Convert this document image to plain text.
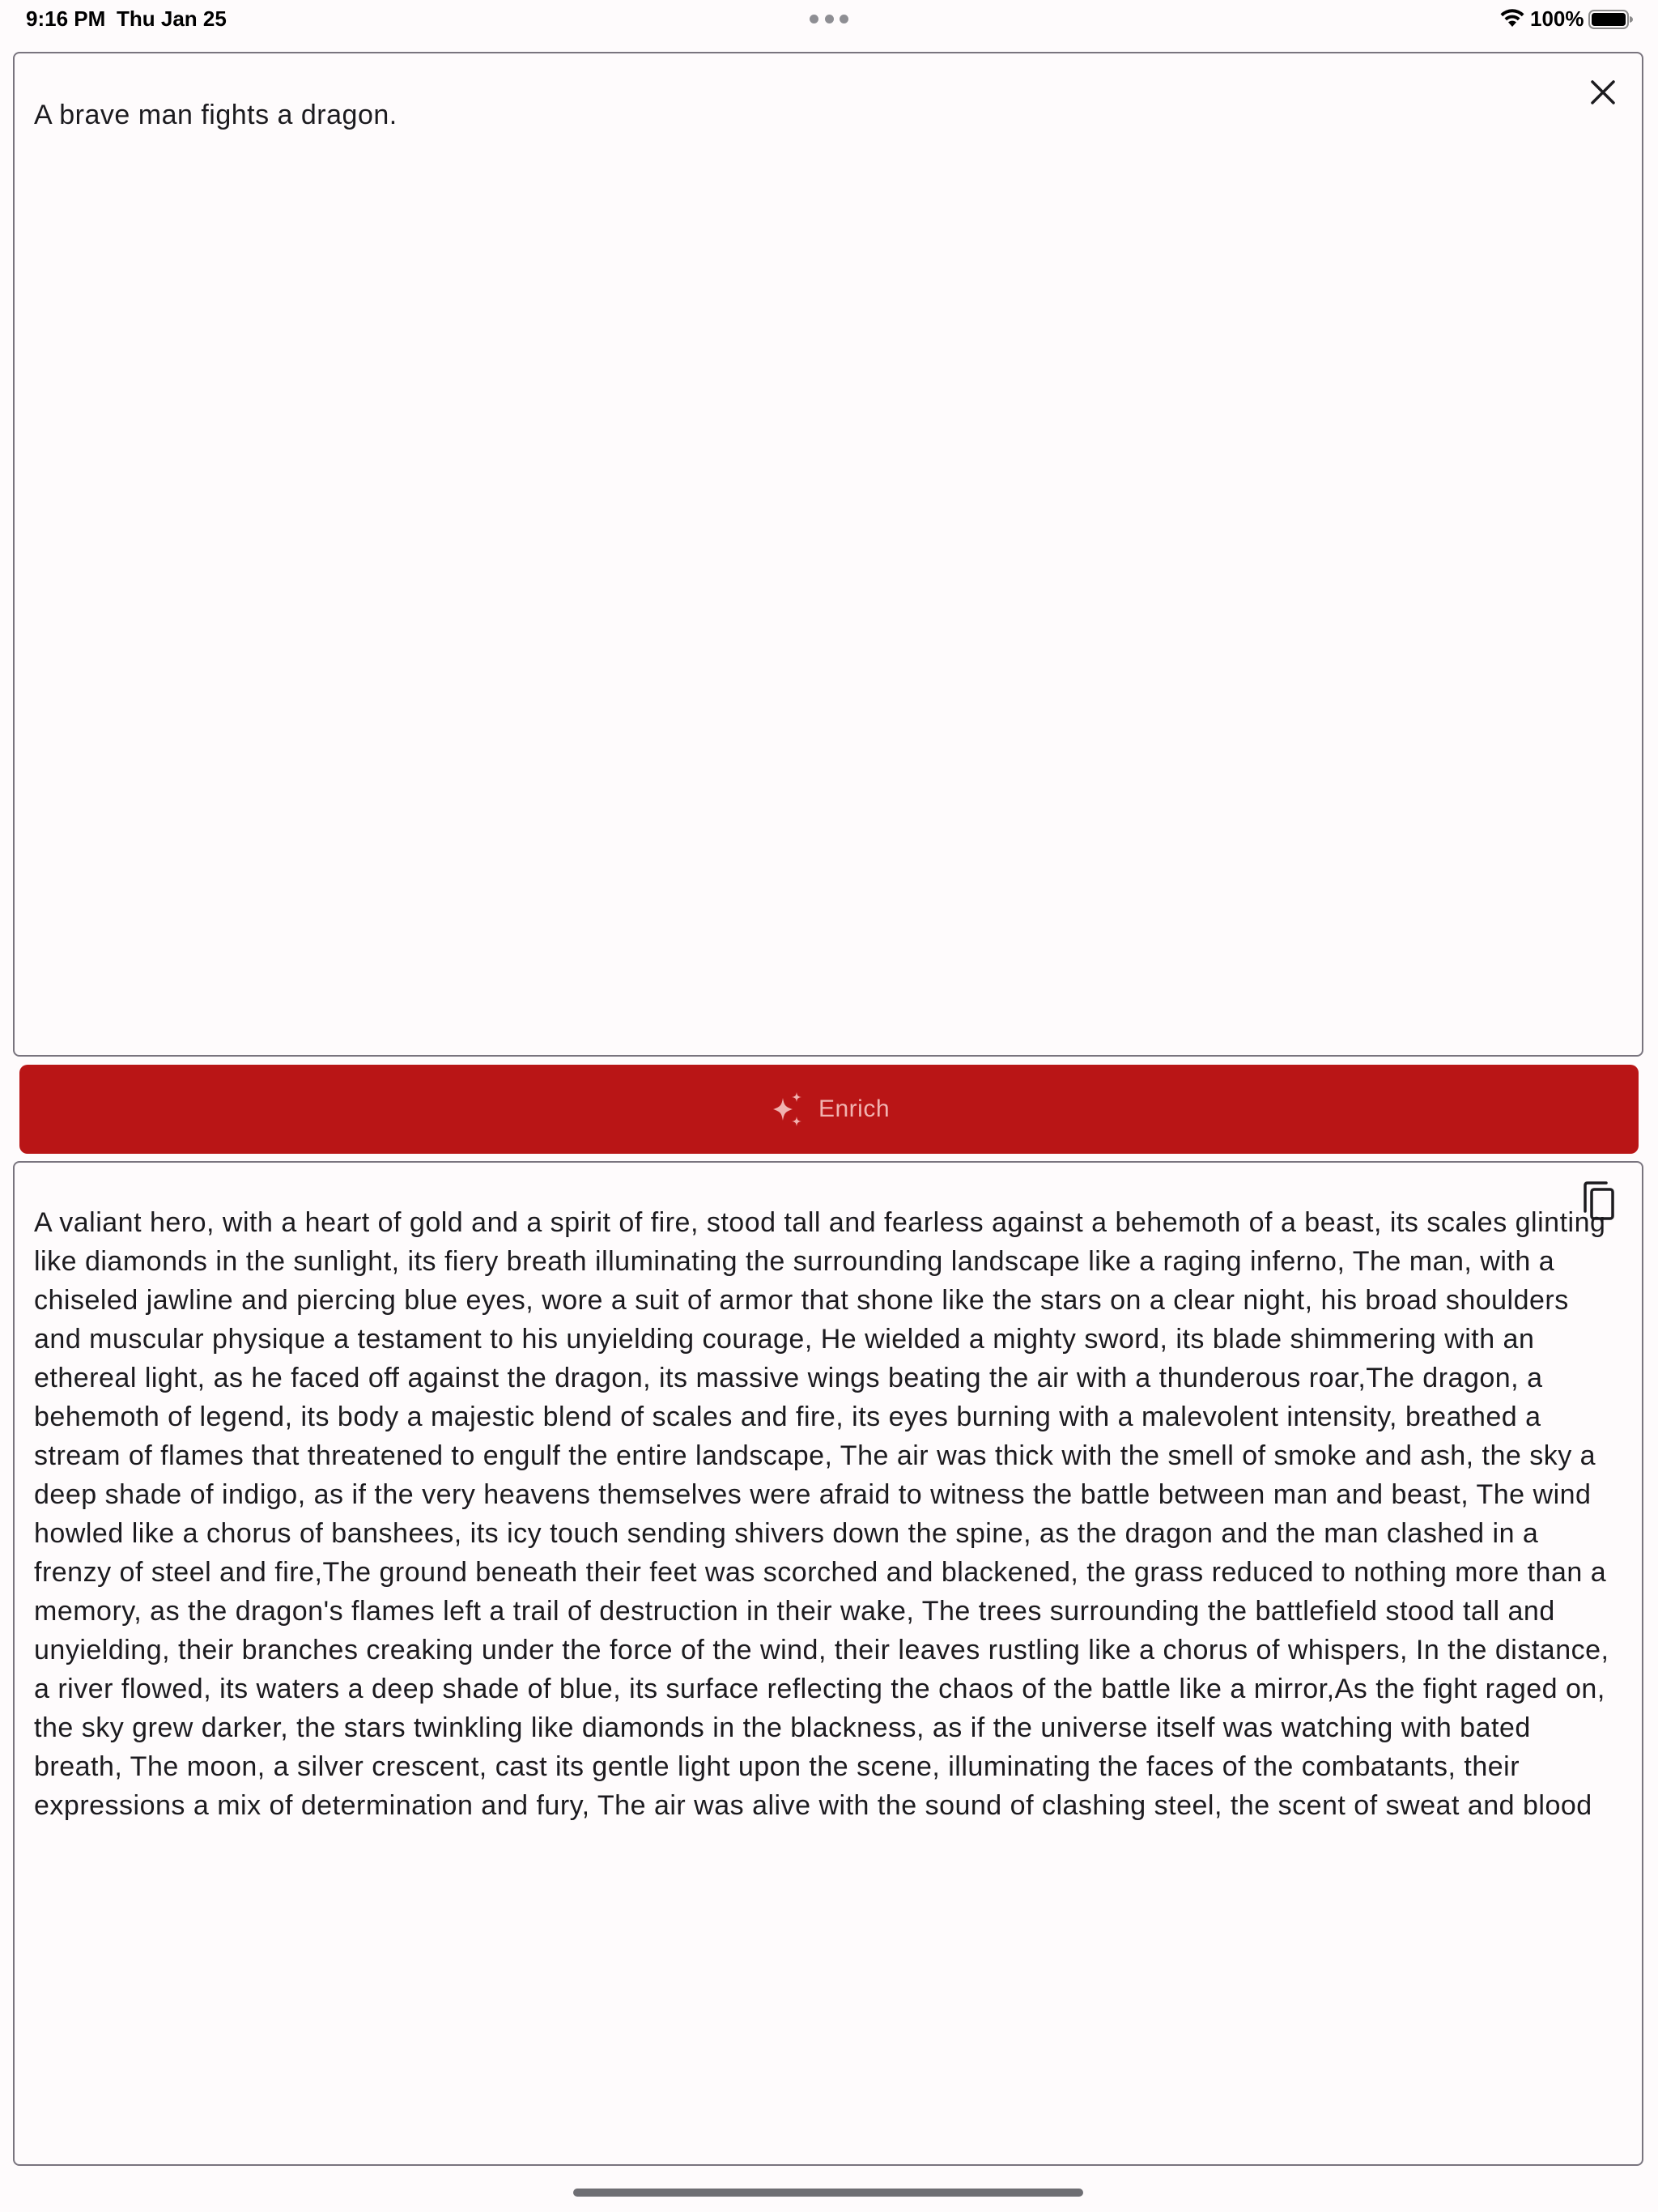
9:16 PM Thu Jan 25	100%
A brave man fights a dragon.
Enrich
A valiant hero, with a heart of gold and a spirit of fire, stood tall and fearless against a behemoth of a beast, its scales glinting like diamonds in the sunlight, its fiery breath illuminating the surrounding landscape like a raging inferno, The man, with a chiseled jawline and piercing blue eyes, wore a suit of armor that shone like the stars on a clear night, his broad shoulders and muscular physique a testament to his unyielding courage, He wielded a mighty sword, its blade shimmering with an ethereal light, as he faced off against the dragon, its massive wings beating the air with a thunderous roar,The dragon, a behemoth of legend, its body a majestic blend of scales and fire, its eyes burning with a malevolent intensity, breathed a stream of flames that threatened to engulf the entire landscape, The air was thick with the smell of smoke and ash, the sky a deep shade of indigo, as if the very heavens themselves were afraid to witness the battle between man and beast, The wind howled like a chorus of banshees, its icy touch sending shivers down the spine, as the dragon and the man clashed in a frenzy of steel and fire,The ground beneath their feet was scorched and blackened, the grass reduced to nothing more than a memory, as the dragon's flames left a trail of destruction in their wake, The trees surrounding the battlefield stood tall and unyielding, their branches creaking under the force of the wind, their leaves rustling like a chorus of whispers, In the distance, a river flowed, its waters a deep shade of blue, its surface reflecting the chaos of the battle like a mirror,As the fight raged on, the sky grew darker, the stars twinkling like diamonds in the blackness, as if the universe itself was watching with bated breath, The moon, a silver crescent, cast its gentle light upon the scene, illuminating the faces of the combatants, their expressions a mix of determination and fury, The air was alive with the sound of clashing steel, the scent of sweat and blood
